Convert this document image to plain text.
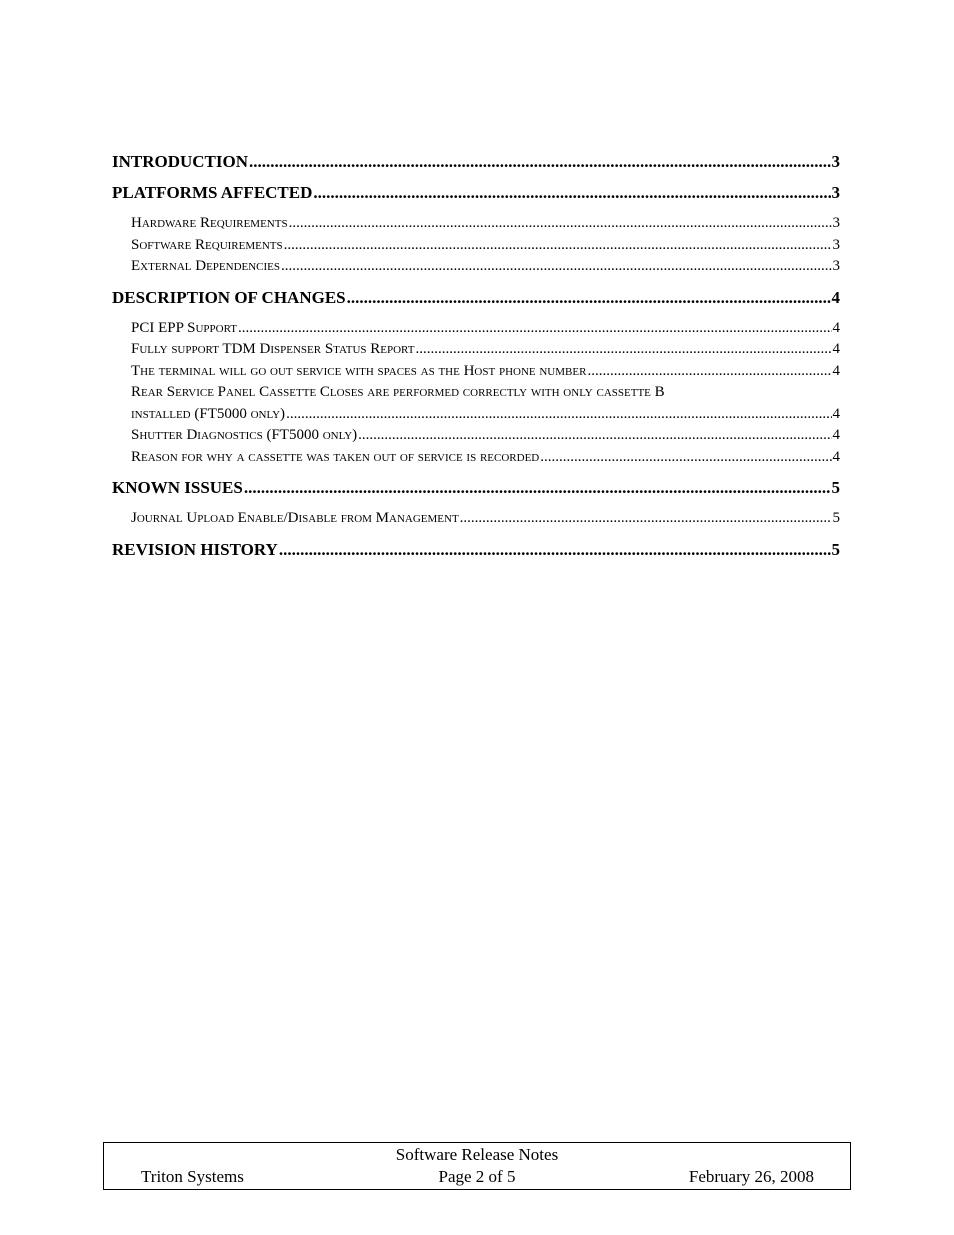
INTRODUCTION .....	3
PLATFORMS AFFECTED .....	3
Hardware Requirements .....	3
Software Requirements .....	3
External Dependencies .....	3
DESCRIPTION OF CHANGES .....	4
PCI EPP Support .....	4
Fully support TDM Dispenser Status Report .....	4
The terminal will go out service with spaces as the Host phone number .....	4
Rear Service Panel Cassette Closes are performed correctly with only cassette B
installed (FT5000 only) .....	4
Shutter Diagnostics (FT5000 only) .....	4
Reason for why a cassette was taken out of service is recorded .....	4
KNOWN ISSUES .....	5
Journal Upload Enable/Disable from Management .....	5
REVISION HISTORY .....	5
Software Release Notes
Triton Systems	Page 2 of 5	February 26, 2008
